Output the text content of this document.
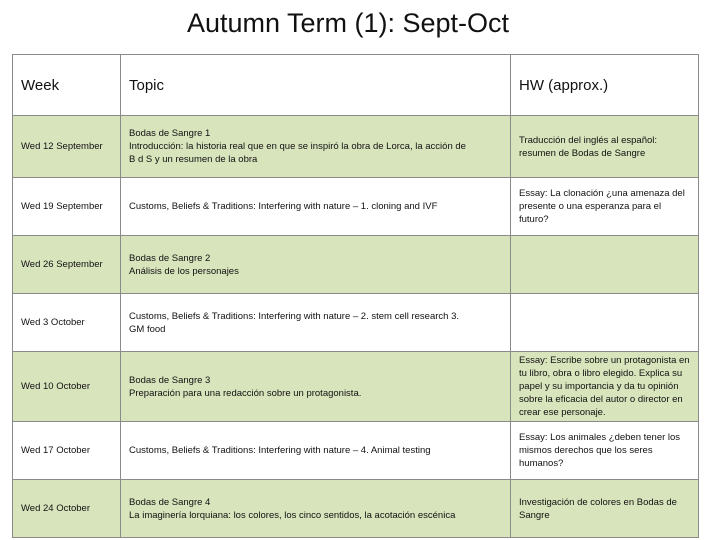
Autumn Term (1): Sept-Oct
Week	Topic	HW (approx.)
Wed 12 September	Bodas de Sangre 1
Introducción: la historia real que en que se inspiró la obra de Lorca, la acción de
B d S y un resumen de la obra	Traducción del inglés al español:
resumen de Bodas de Sangre

Wed 19 September	Customs, Beliefs & Traditions: Interfering with nature – 1. cloning and IVF	Essay: La clonación ¿una amenaza del
presente o una esperanza para el
futuro?

Wed 26 September	Bodas de Sangre 2
Análisis de los personajes	

Wed 3 October	Customs, Beliefs & Traditions: Interfering with nature – 2. stem cell research 3.
GM food	

Wed 10 October	Bodas de Sangre 3
Preparación para una redacción sobre un protagonista.	Essay: Escribe sobre un protagonista en
tu libro, obra o libro elegido. Explica su
papel y su importancia y da tu opinión
sobre la eficacia del autor o director en
crear ese personaje.

Wed 17 October	Customs, Beliefs & Traditions: Interfering with nature – 4. Animal testing	Essay: Los animales ¿deben tener los
mismos derechos que los seres
humanos?

Wed 24 October	Bodas de Sangre 4
La imaginería lorquiana: los colores, los cinco sentidos, la acotación escénica	Investigación de colores en Bodas de
Sangre
